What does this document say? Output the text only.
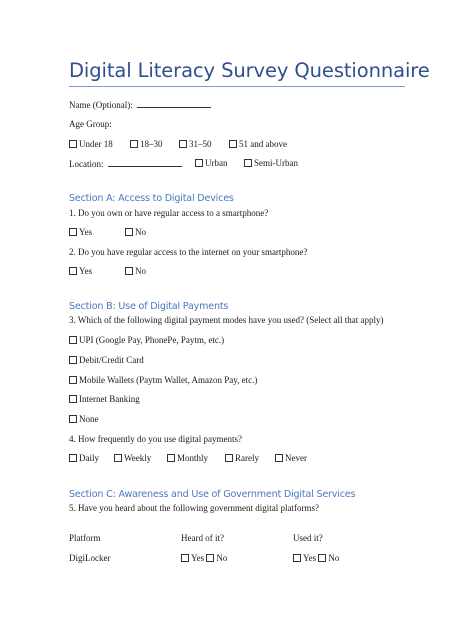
Digital Literacy Survey Questionnaire
Name (Optional):
Age Group:
Under 18	18–30	31–50	51 and above
Location:	Urban	Semi-Urban
Section A: Access to Digital Devices
1. Do you own or have regular access to a smartphone?
Yes	No
2. Do you have regular access to the internet on your smartphone?
Yes	No
Section B: Use of Digital Payments
3. Which of the following digital payment modes have you used? (Select all that apply)
UPI (Google Pay, PhonePe, Paytm, etc.)
Debit/Credit Card
Mobile Wallets (Paytm Wallet, Amazon Pay, etc.)
Internet Banking
None
4. How frequently do you use digital payments?
Daily	Weekly	Monthly	Rarely	Never
Section C: Awareness and Use of Government Digital Services
5. Have you heard about the following government digital platforms?
Platform	Heard of it?	Used it?
DigiLocker	Yes No	Yes No
